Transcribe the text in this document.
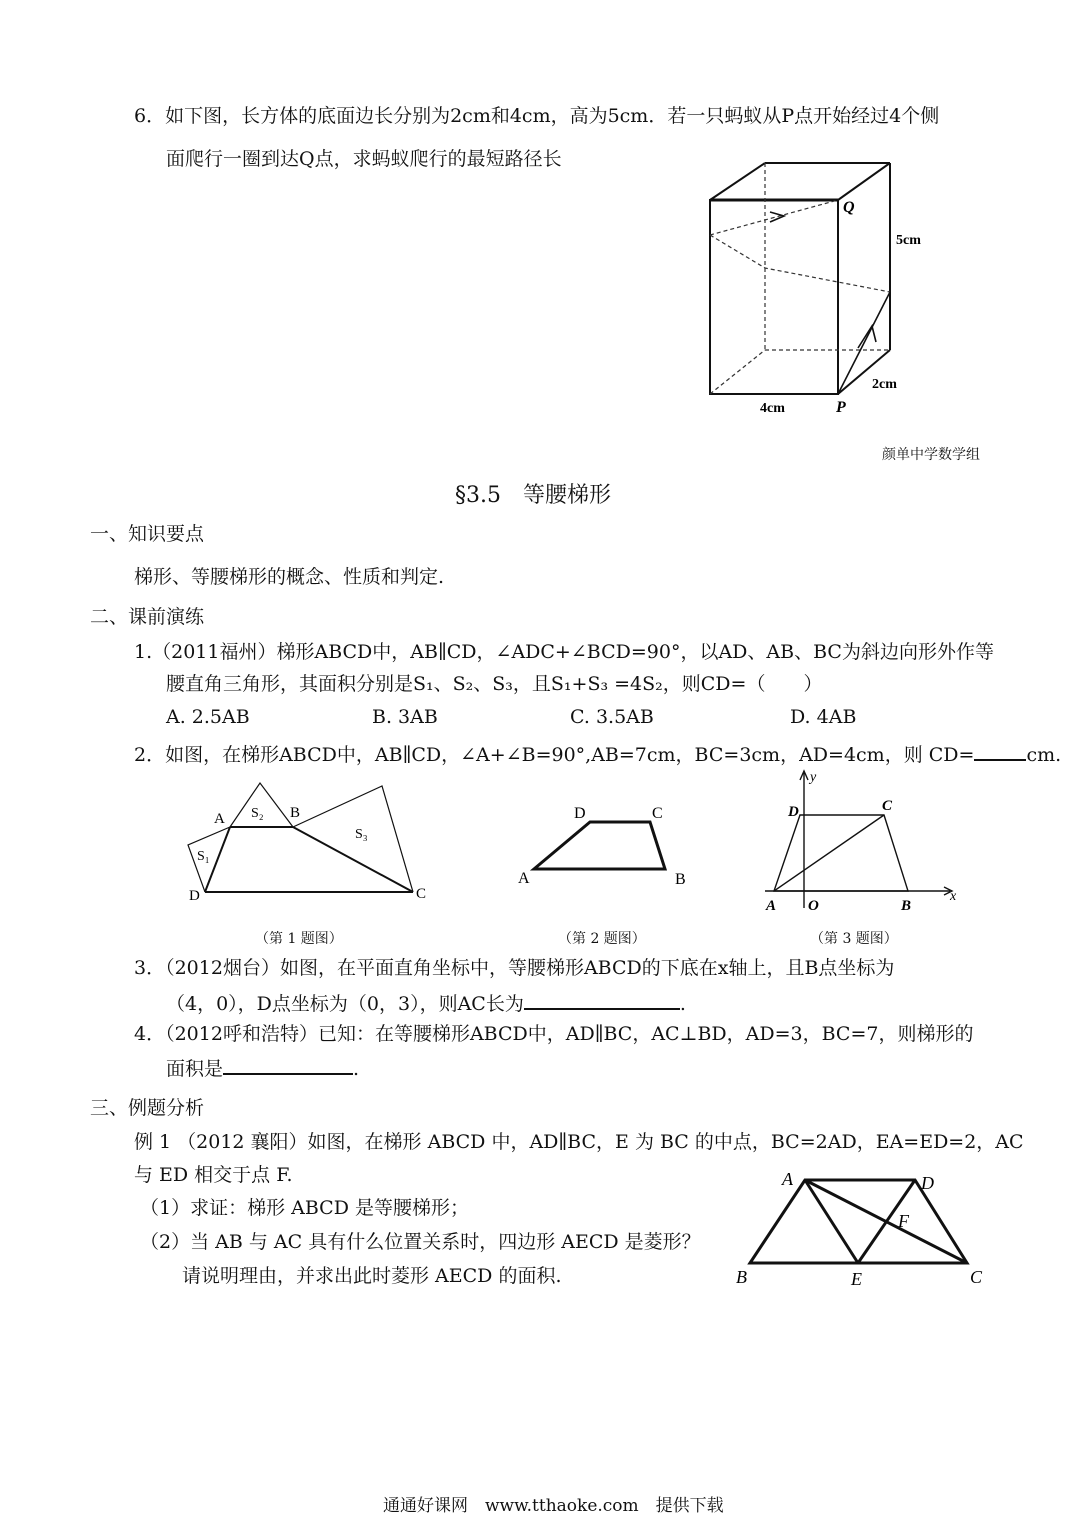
6．如下图，长方体的底面边长分别为2cm和4cm，高为5cm．若一只蚂蚁从P点开始经过4个侧
面爬行一圈到达Q点，求蚂蚁爬行的最短路径长
Q
5cm
2cm
4cm	P
颜单中学数学组
§3.5　等腰梯形
一、知识要点
梯形、等腰梯形的概念、性质和判定.
二、课前演练
1.（2011福州）梯形ABCD中，AB∥CD，∠ADC+∠BCD=90°，以AD、AB、BC为斜边向形外作等
腰直角三角形，其面积分别是S₁、S₂、S₃，且S₁+S₃ =4S₂，则CD=（　　）
A. 2.5AB	B. 3AB	C. 3.5AB	D. 4AB
2．如图，在梯形ABCD中，AB∥CD，∠A+∠B=90°,AB=7cm，BC=3cm，AD=4cm，则 CD=	cm.
A	B
C
D
S₁
S₂
S₃
（第 1 题图）
A	B
C
D
（第 2 题图）
y
x
D	C
A O	B
（第 3 题图）
3．（2012烟台）如图，在平面直角坐标中，等腰梯形ABCD的下底在x轴上，且B点坐标为
（4，0），D点坐标为（0，3），则AC长为	.
4．（2012呼和浩特）已知：在等腰梯形ABCD中，AD∥BC，AC⊥BD，AD=3，BC=7，则梯形的
面积是	.
三、例题分析
例 1 （2012 襄阳）如图，在梯形 ABCD 中，AD∥BC，E 为 BC 的中点，BC=2AD，EA=ED=2，AC
与 ED 相交于点 F.
（1）求证：梯形 ABCD 是等腰梯形；
（2）当 AB 与 AC 具有什么位置关系时，四边形 AECD 是菱形？
请说明理由，并求出此时菱形 AECD 的面积.
A	D
F
B	E	C
通通好课网　www.tthaoke.com　提供下载
